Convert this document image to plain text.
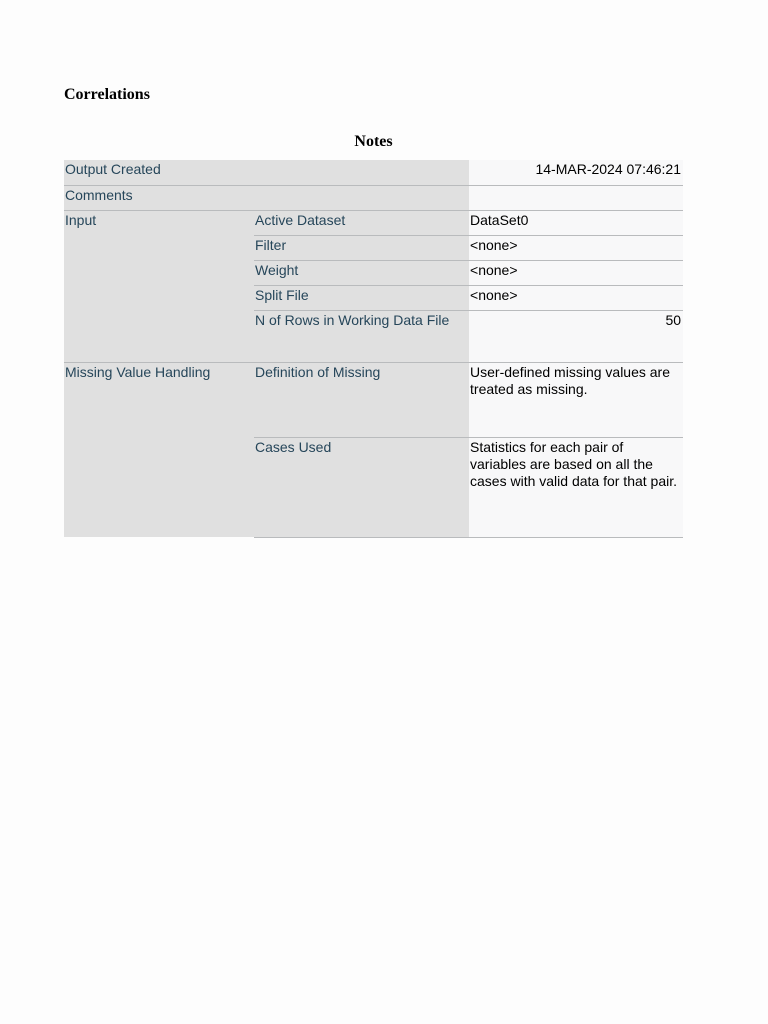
Correlations
Notes
Output Created		14-MAR-2024 07:46:21
Comments		
Input	Active Dataset	DataSet0
	Filter	<none>
	Weight	<none>
	Split File	<none>
	N of Rows in Working Data File	50
Missing Value Handling	Definition of Missing	User-defined missing values are treated as missing.
	Cases Used	Statistics for each pair of variables are based on all the cases with valid data for that pair.
